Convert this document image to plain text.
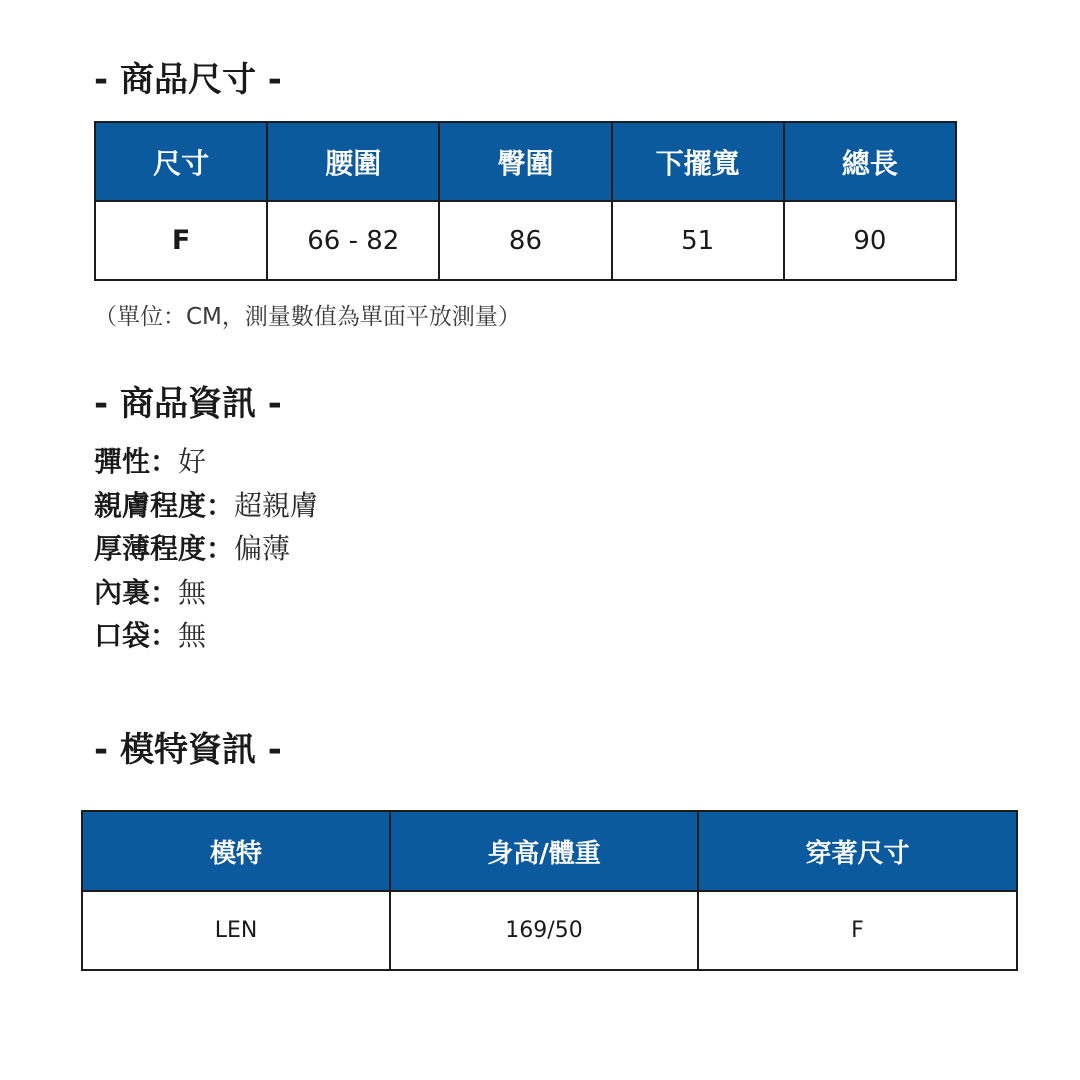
- 商品尺寸 -
尺寸	腰圍	臀圍	下擺寬	總長
F	66 - 82	86	51	90
（單位：CM，測量數值為單面平放測量）
- 商品資訊 -
彈性：好
親膚程度：超親膚
厚薄程度：偏薄
內裏：無
口袋：無
- 模特資訊 -
模特	身高/體重	穿著尺寸
LEN	169/50	F
